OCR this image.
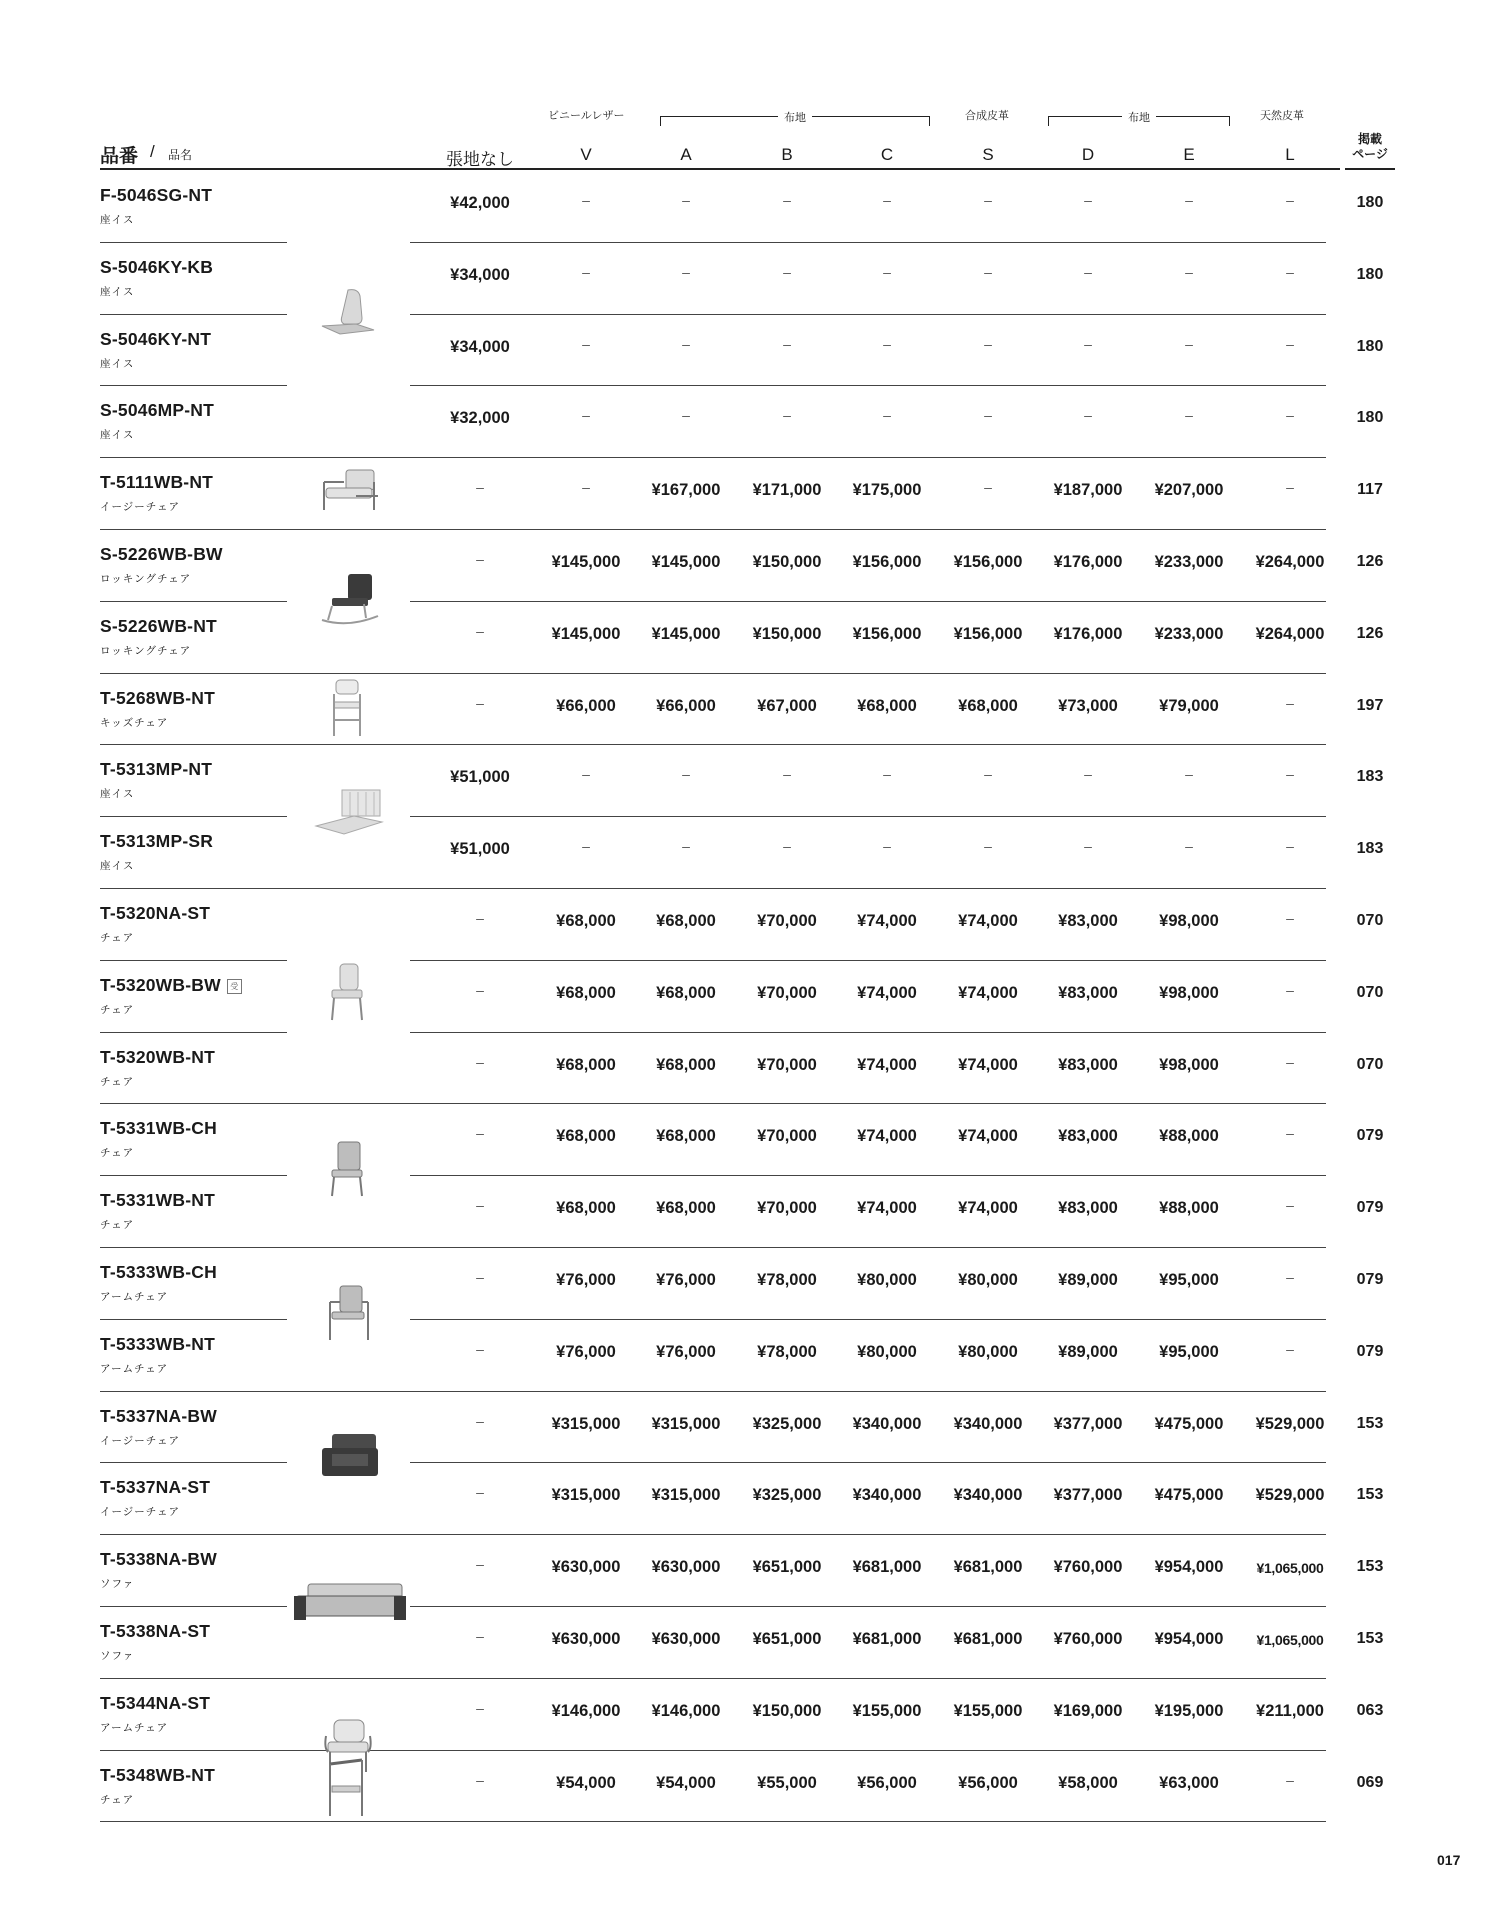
ビニールレザー	布地	合成皮革	布地	天然皮革
品番 / 品名	張地なし	V	A	B	C	S	D	E	L
掲載
ページ
F-5046SG-NT
座イス
¥42,000	–	–	–	–	–	–	–	–	180
S-5046KY-KB
座イス
¥34,000	–	–	–	–	–	–	–	–	180
S-5046KY-NT
座イス
¥34,000	–	–	–	–	–	–	–	–	180
S-5046MP-NT
座イス
¥32,000	–	–	–	–	–	–	–	–	180
T-5111WB-NT
イージーチェア
–	–	¥167,000	¥171,000	¥175,000	–	¥187,000	¥207,000	–	117
S-5226WB-BW
ロッキングチェア
–	¥145,000	¥145,000	¥150,000	¥156,000	¥156,000	¥176,000	¥233,000	¥264,000	126
S-5226WB-NT
ロッキングチェア
–	¥145,000	¥145,000	¥150,000	¥156,000	¥156,000	¥176,000	¥233,000	¥264,000	126
T-5268WB-NT
キッズチェア
–	¥66,000	¥66,000	¥67,000	¥68,000	¥68,000	¥73,000	¥79,000	–	197
T-5313MP-NT
座イス
¥51,000	–	–	–	–	–	–	–	–	183
T-5313MP-SR
座イス
¥51,000	–	–	–	–	–	–	–	–	183
T-5320NA-ST
チェア
–	¥68,000	¥68,000	¥70,000	¥74,000	¥74,000	¥83,000	¥98,000	–	070
T-5320WB-BW 受
チェア
–	¥68,000	¥68,000	¥70,000	¥74,000	¥74,000	¥83,000	¥98,000	–	070
T-5320WB-NT
チェア
–	¥68,000	¥68,000	¥70,000	¥74,000	¥74,000	¥83,000	¥98,000	–	070
T-5331WB-CH
チェア
–	¥68,000	¥68,000	¥70,000	¥74,000	¥74,000	¥83,000	¥88,000	–	079
T-5331WB-NT
チェア
–	¥68,000	¥68,000	¥70,000	¥74,000	¥74,000	¥83,000	¥88,000	–	079
T-5333WB-CH
アームチェア
–	¥76,000	¥76,000	¥78,000	¥80,000	¥80,000	¥89,000	¥95,000	–	079
T-5333WB-NT
アームチェア
–	¥76,000	¥76,000	¥78,000	¥80,000	¥80,000	¥89,000	¥95,000	–	079
T-5337NA-BW
イージーチェア
–	¥315,000	¥315,000	¥325,000	¥340,000	¥340,000	¥377,000	¥475,000	¥529,000	153
T-5337NA-ST
イージーチェア
–	¥315,000	¥315,000	¥325,000	¥340,000	¥340,000	¥377,000	¥475,000	¥529,000	153
T-5338NA-BW
ソファ
–	¥630,000	¥630,000	¥651,000	¥681,000	¥681,000	¥760,000	¥954,000	¥1,065,000	153
T-5338NA-ST
ソファ
–	¥630,000	¥630,000	¥651,000	¥681,000	¥681,000	¥760,000	¥954,000	¥1,065,000	153
T-5344NA-ST
アームチェア
–	¥146,000	¥146,000	¥150,000	¥155,000	¥155,000	¥169,000	¥195,000	¥211,000	063
T-5348WB-NT
チェア
–	¥54,000	¥54,000	¥55,000	¥56,000	¥56,000	¥58,000	¥63,000	–	069
017
